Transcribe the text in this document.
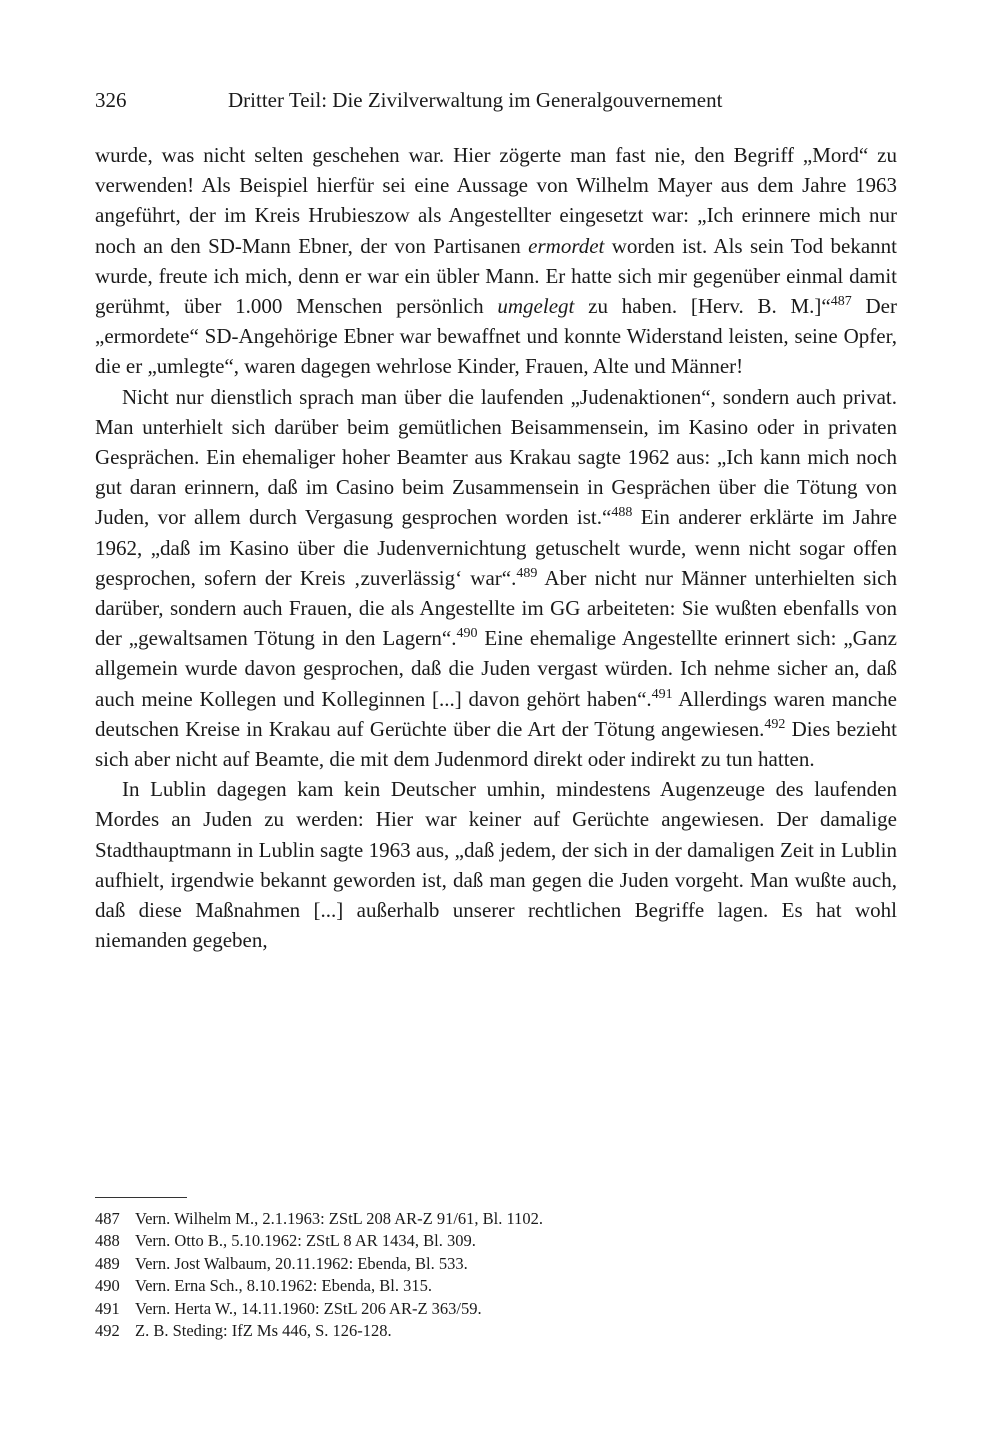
326	Dritter Teil: Die Zivilverwaltung im Generalgouvernement

wurde, was nicht selten geschehen war. Hier zögerte man fast nie, den Begriff „Mord“ zu verwenden! Als Beispiel hierfür sei eine Aussage von Wilhelm Mayer aus dem Jahre 1963 angeführt, der im Kreis Hrubieszow als Angestellter eingesetzt war: „Ich erinnere mich nur noch an den SD-Mann Ebner, der von Partisanen ermordet worden ist. Als sein Tod bekannt wurde, freute ich mich, denn er war ein übler Mann. Er hatte sich mir gegenüber einmal damit gerühmt, über 1.000 Menschen persönlich umgelegt zu haben. [Herv. B. M.]“$^{487}$ Der „ermordete“ SD-Angehörige Ebner war bewaffnet und konnte Widerstand leisten, seine Opfer, die er „umlegte“, waren dagegen wehrlose Kinder, Frauen, Alte und Männer!

Nicht nur dienstlich sprach man über die laufenden „Judenaktionen“, sondern auch privat. Man unterhielt sich darüber beim gemütlichen Beisammensein, im Kasino oder in privaten Gesprächen. Ein ehemaliger hoher Beamter aus Krakau sagte 1962 aus: „Ich kann mich noch gut daran erinnern, daß im Casino beim Zusammensein in Gesprächen über die Tötung von Juden, vor allem durch Vergasung gesprochen worden ist.“$^{488}$ Ein anderer erklärte im Jahre 1962, „daß im Kasino über die Judenvernichtung getuschelt wurde, wenn nicht sogar offen gesprochen, sofern der Kreis ‚zuverlässig‘ war“.$^{489}$ Aber nicht nur Männer unterhielten sich darüber, sondern auch Frauen, die als Angestellte im GG arbeiteten: Sie wußten ebenfalls von der „gewaltsamen Tötung in den Lagern“.$^{490}$ Eine ehemalige Angestellte erinnert sich: „Ganz allgemein wurde davon gesprochen, daß die Juden vergast würden. Ich nehme sicher an, daß auch meine Kollegen und Kolleginnen [...] davon gehört haben“.$^{491}$ Allerdings waren manche deutschen Kreise in Krakau auf Gerüchte über die Art der Tötung angewiesen.$^{492}$ Dies bezieht sich aber nicht auf Beamte, die mit dem Judenmord direkt oder indirekt zu tun hatten.

In Lublin dagegen kam kein Deutscher umhin, mindestens Augenzeuge des laufenden Mordes an Juden zu werden: Hier war keiner auf Gerüchte angewiesen. Der damalige Stadthauptmann in Lublin sagte 1963 aus, „daß jedem, der sich in der damaligen Zeit in Lublin aufhielt, irgendwie bekannt geworden ist, daß man gegen die Juden vorgeht. Man wußte auch, daß diese Maßnahmen [...] außerhalb unserer rechtlichen Begriffe lagen. Es hat wohl niemanden gegeben,

487 Vern. Wilhelm M., 2.1.1963: ZStL 208 AR-Z 91/61, Bl. 1102.
488 Vern. Otto B., 5.10.1962: ZStL 8 AR 1434, Bl. 309.
489 Vern. Jost Walbaum, 20.11.1962: Ebenda, Bl. 533.
490 Vern. Erna Sch., 8.10.1962: Ebenda, Bl. 315.
491 Vern. Herta W., 14.11.1960: ZStL 206 AR-Z 363/59.
492 Z. B. Steding: IfZ Ms 446, S. 126-128.
